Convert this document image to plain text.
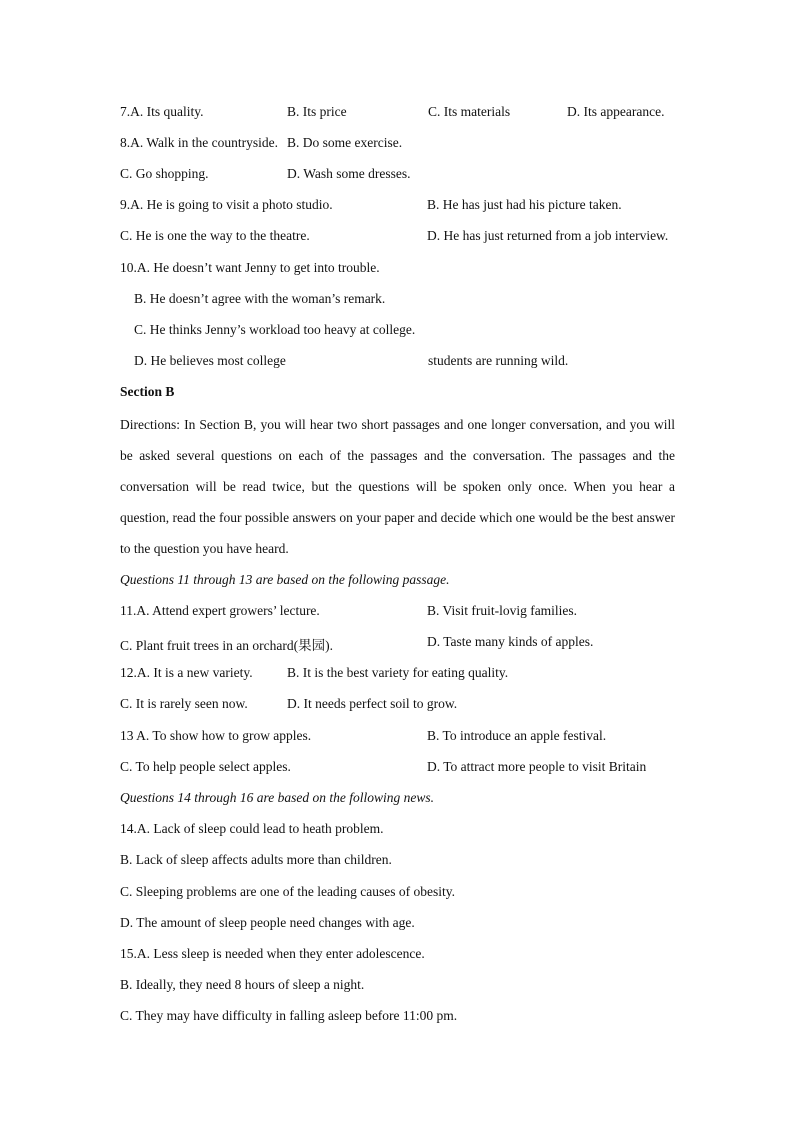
7.A. Its quality.	B. Its price	C. Its materials	D. Its appearance.
8.A. Walk in the countryside. B. Do some exercise.
C. Go shopping.	D. Wash some dresses.
9.A. He is going to visit a photo studio.	B. He has just had his picture taken.
C. He is one the way to the theatre.	D. He has just returned from a job interview.
10.A. He doesn’t want Jenny to get into trouble.
B. He doesn’t agree with the woman’s remark.
C. He thinks Jenny’s workload too heavy at college.
D. He believes most college	students are running wild.
Section B
Directions: In Section B, you will hear two short passages and one longer conversation, and you will be asked several questions on each of the passages and the conversation. The passages and the conversation will be read twice, but the questions will be spoken only once. When you hear a question, read the four possible answers on your paper and decide which one would be the best answer to the question you have heard.
Questions 11 through 13 are based on the following passage.
11.A. Attend expert growers’ lecture.	B. Visit fruit-lovig families.
C. Plant fruit trees in an orchard(果园).	D. Taste many kinds of apples.
12.A. It is a new variety.	B. It is the best variety for eating quality.
C. It is rarely seen now.	D. It needs perfect soil to grow.
13 A. To show how to grow apples.	B. To introduce an apple festival.
C. To help people select apples.	D. To attract more people to visit Britain
Questions 14 through 16 are based on the following news.
14.A. Lack of sleep could lead to heath problem.
B. Lack of sleep affects adults more than children.
C. Sleeping problems are one of the leading causes of obesity.
D. The amount of sleep people need changes with age.
15.A. Less sleep is needed when they enter adolescence.
B. Ideally, they need 8 hours of sleep a night.
C. They may have difficulty in falling asleep before 11:00 pm.
